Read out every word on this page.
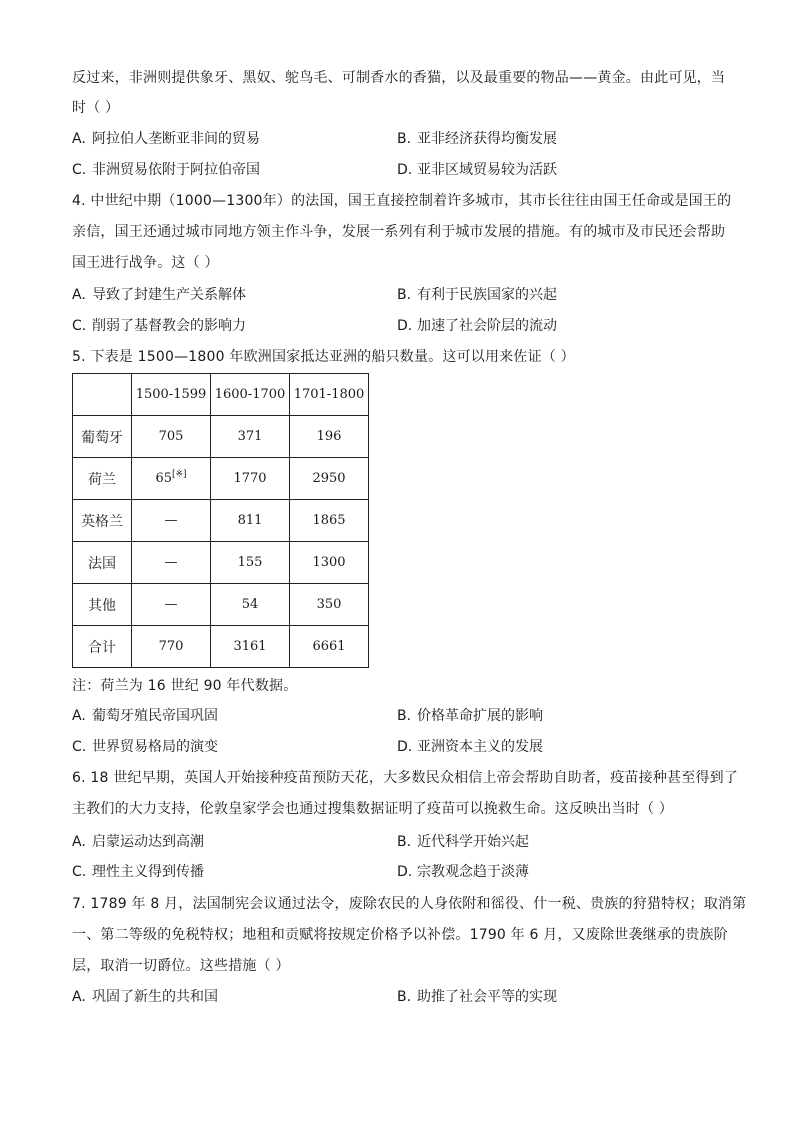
反过来，非洲则提供象牙、黑奴、鸵鸟毛、可制香水的香猫，以及最重要的物品——黄金。由此可见，当
时（ ）
A. 阿拉伯人垄断亚非间的贸易	B. 亚非经济获得均衡发展
C. 非洲贸易依附于阿拉伯帝国	D. 亚非区域贸易较为活跃
4. 中世纪中期（1000—1300年）的法国，国王直接控制着许多城市，其市长往往由国王任命或是国王的
亲信，国王还通过城市同地方领主作斗争，发展一系列有利于城市发展的措施。有的城市及市民还会帮助
国王进行战争。这（ ）
A. 导致了封建生产关系解体	B. 有利于民族国家的兴起
C. 削弱了基督教会的影响力	D. 加速了社会阶层的流动
5. 下表是 1500—1800 年欧洲国家抵达亚洲的船只数量。这可以用来佐证（ ）
	1500-1599	1600-1700	1701-1800
葡萄牙	705	371	196
荷兰	65[※]	1770	2950
英格兰	—	811	1865
法国	—	155	1300
其他	—	54	350
合计	770	3161	6661
注：荷兰为 16 世纪 90 年代数据。
A. 葡萄牙殖民帝国巩固	B. 价格革命扩展的影响
C. 世界贸易格局的演变	D. 亚洲资本主义的发展
6. 18 世纪早期，英国人开始接种疫苗预防天花，大多数民众相信上帝会帮助自助者，疫苗接种甚至得到了
主教们的大力支持，伦敦皇家学会也通过搜集数据证明了疫苗可以挽救生命。这反映出当时（ ）
A. 启蒙运动达到高潮	B. 近代科学开始兴起
C. 理性主义得到传播	D. 宗教观念趋于淡薄
7. 1789 年 8 月，法国制宪会议通过法令，废除农民的人身依附和徭役、什一税、贵族的狩猎特权；取消第
一、第二等级的免税特权；地租和贡赋将按规定价格予以补偿。1790 年 6 月，又废除世袭继承的贵族阶
层，取消一切爵位。这些措施（ ）
A. 巩固了新生的共和国	B. 助推了社会平等的实现
